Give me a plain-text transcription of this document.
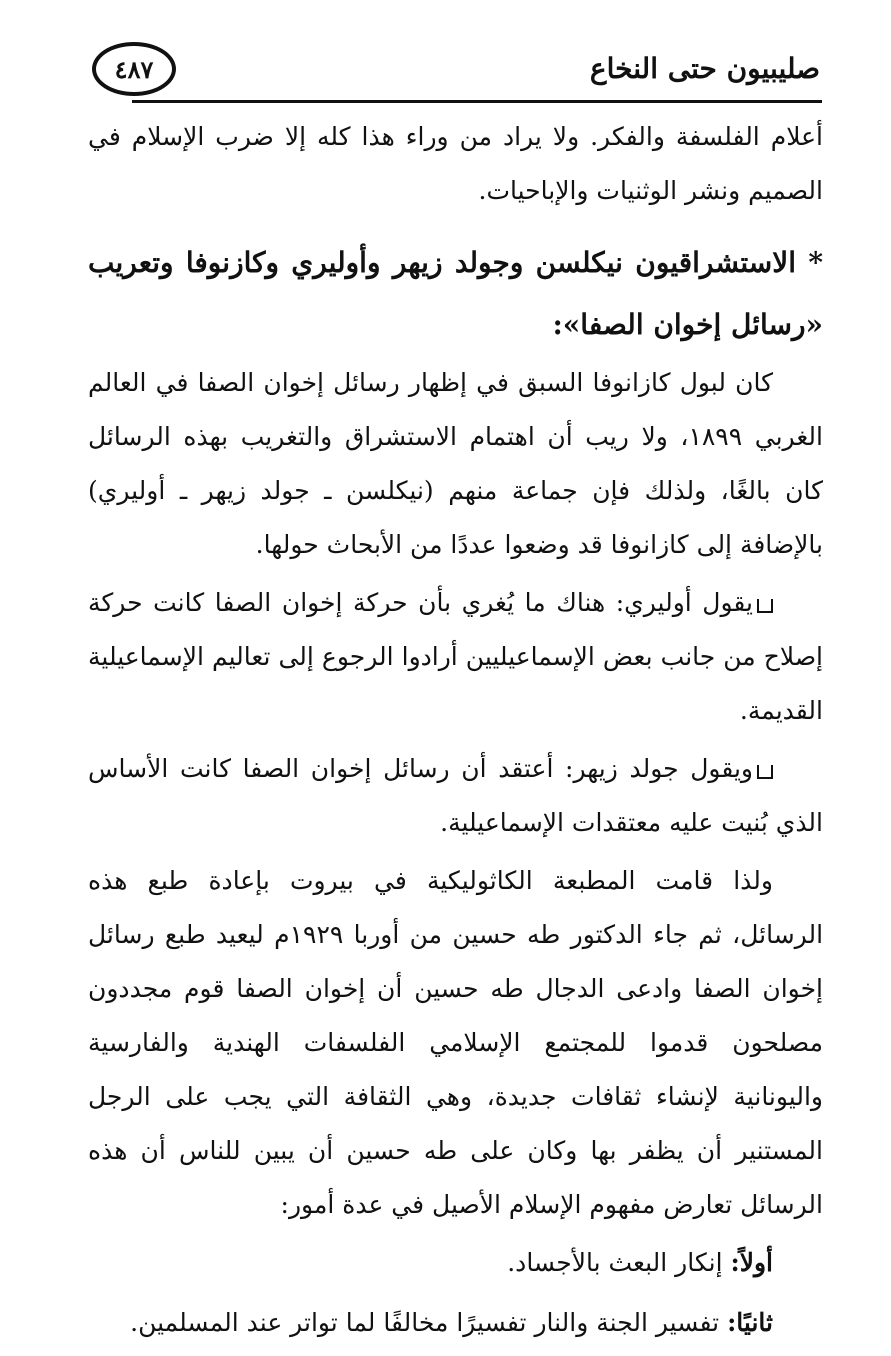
صليبيون حتى النخاع
٤٨٧

أعلام الفلسفة والفكر. ولا يراد من وراء هذا كله إلا ضرب الإسلام في الصميم ونشر الوثنيات والإباحيات.

* الاستشراقيون نيكلسن وجولد زيهر وأوليري وكازنوفا وتعريب «رسائل إخوان الصفا»:

كان لبول كازانوفا السبق في إظهار رسائل إخوان الصفا في العالم الغربي ١٨٩٩، ولا ريب أن اهتمام الاستشراق والتغريب بهذه الرسائل كان بالغًا، ولذلك فإن جماعة منهم (نيكلسن ـ جولد زيهر ـ أوليري) بالإضافة إلى كازانوفا قد وضعوا عددًا من الأبحاث حولها.

يقول أوليري: هناك ما يُغري بأن حركة إخوان الصفا كانت حركة إصلاح من جانب بعض الإسماعيليين أرادوا الرجوع إلى تعاليم الإسماعيلية القديمة.

ويقول جولد زيهر: أعتقد أن رسائل إخوان الصفا كانت الأساس الذي بُنيت عليه معتقدات الإسماعيلية.

ولذا قامت المطبعة الكاثوليكية في بيروت بإعادة طبع هذه الرسائل، ثم جاء الدكتور طه حسين من أوربا ١٩٢٩م ليعيد طبع رسائل إخوان الصفا وادعى الدجال طه حسين أن إخوان الصفا قوم مجددون مصلحون قدموا للمجتمع الإسلامي الفلسفات الهندية والفارسية واليونانية لإنشاء ثقافات جديدة، وهي الثقافة التي يجب على الرجل المستنير أن يظفر بها وكان على طه حسين أن يبين للناس أن هذه الرسائل تعارض مفهوم الإسلام الأصيل في عدة أمور:

أولاً: إنكار البعث بالأجساد.

ثانيًا: تفسير الجنة والنار تفسيرًا مخالفًا لما تواتر عند المسلمين.
